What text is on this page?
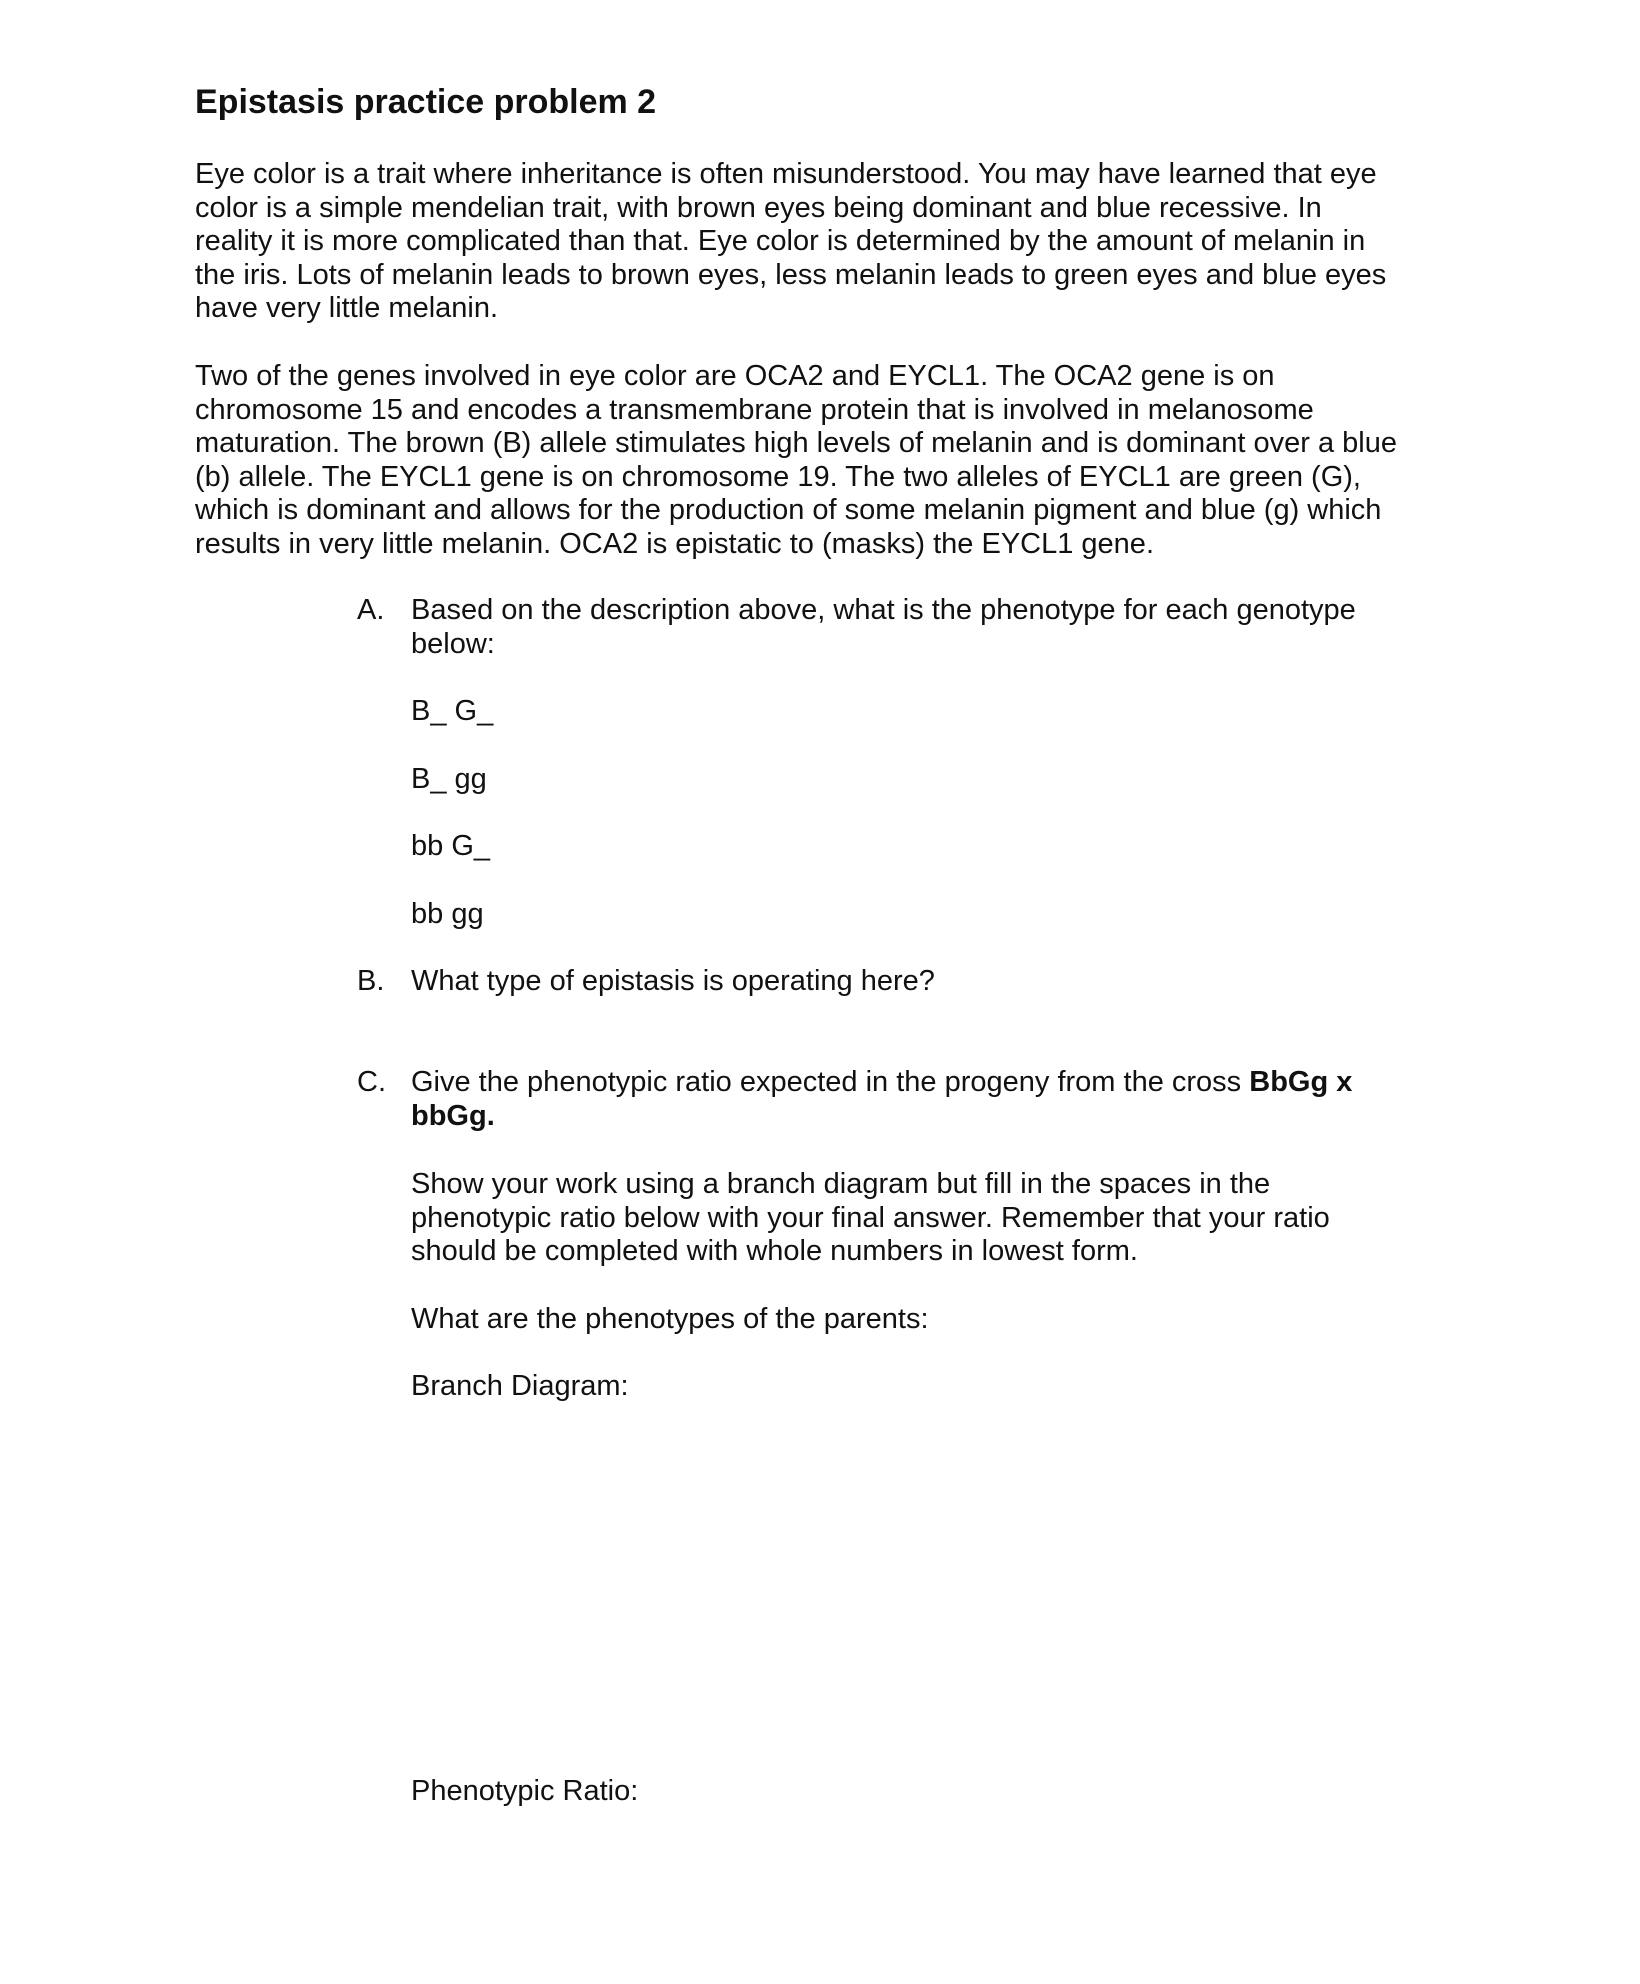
Epistasis practice problem 2

Eye color is a trait where inheritance is often misunderstood. You may have learned that eye
color is a simple mendelian trait, with brown eyes being dominant and blue recessive. In
reality it is more complicated than that. Eye color is determined by the amount of melanin in
the iris. Lots of melanin leads to brown eyes, less melanin leads to green eyes and blue eyes
have very little melanin.

Two of the genes involved in eye color are OCA2 and EYCL1. The OCA2 gene is on
chromosome 15 and encodes a transmembrane protein that is involved in melanosome
maturation. The brown (B) allele stimulates high levels of melanin and is dominant over a blue
(b) allele. The EYCL1 gene is on chromosome 19. The two alleles of EYCL1 are green (G),
which is dominant and allows for the production of some melanin pigment and blue (g) which
results in very little melanin. OCA2 is epistatic to (masks) the EYCL1 gene.

A. Based on the description above, what is the phenotype for each genotype
below:
B_ G_
B_ gg
bb G_
bb gg
B. What type of epistasis is operating here?
C. Give the phenotypic ratio expected in the progeny from the cross BbGg x
bbGg.
Show your work using a branch diagram but fill in the spaces in the
phenotypic ratio below with your final answer. Remember that your ratio
should be completed with whole numbers in lowest form.
What are the phenotypes of the parents:
Branch Diagram:
Phenotypic Ratio:
